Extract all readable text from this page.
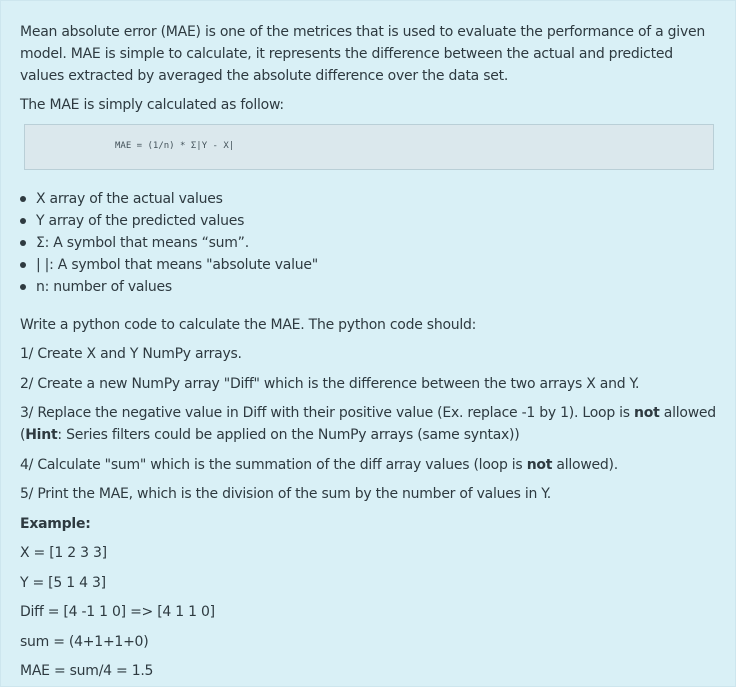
Mean absolute error (MAE) is one of the metrices that is used to evaluate the performance of a given model. MAE is simple to calculate, it represents the difference between the actual and predicted values extracted by averaged the absolute difference over the data set.

The MAE is simply calculated as follow:

MAE = (1/n) * Σ|Y - X|
X array of the actual values
Y array of the predicted values
Σ: A symbol that means “sum”.
| |: A symbol that means "absolute value"
n: number of values

Write a python code to calculate the MAE. The python code should:

1/ Create X and Y NumPy arrays.

2/ Create a new NumPy array "Diff" which is the difference between the two arrays X and Y.

3/ Replace the negative value in Diff with their positive value (Ex. replace -1 by 1). Loop is not allowed

(Hint: Series filters could be applied on the NumPy arrays (same syntax))

4/ Calculate "sum" which is the summation of the diff array values (loop is not allowed).

5/ Print the MAE, which is the division of the sum by the number of values in Y.

Example:

X = [1 2 3 3]

Y = [5 1 4 3]

Diff = [4 -1 1 0] => [4 1 1 0]

sum = (4+1+1+0)

MAE = sum/4 = 1.5
